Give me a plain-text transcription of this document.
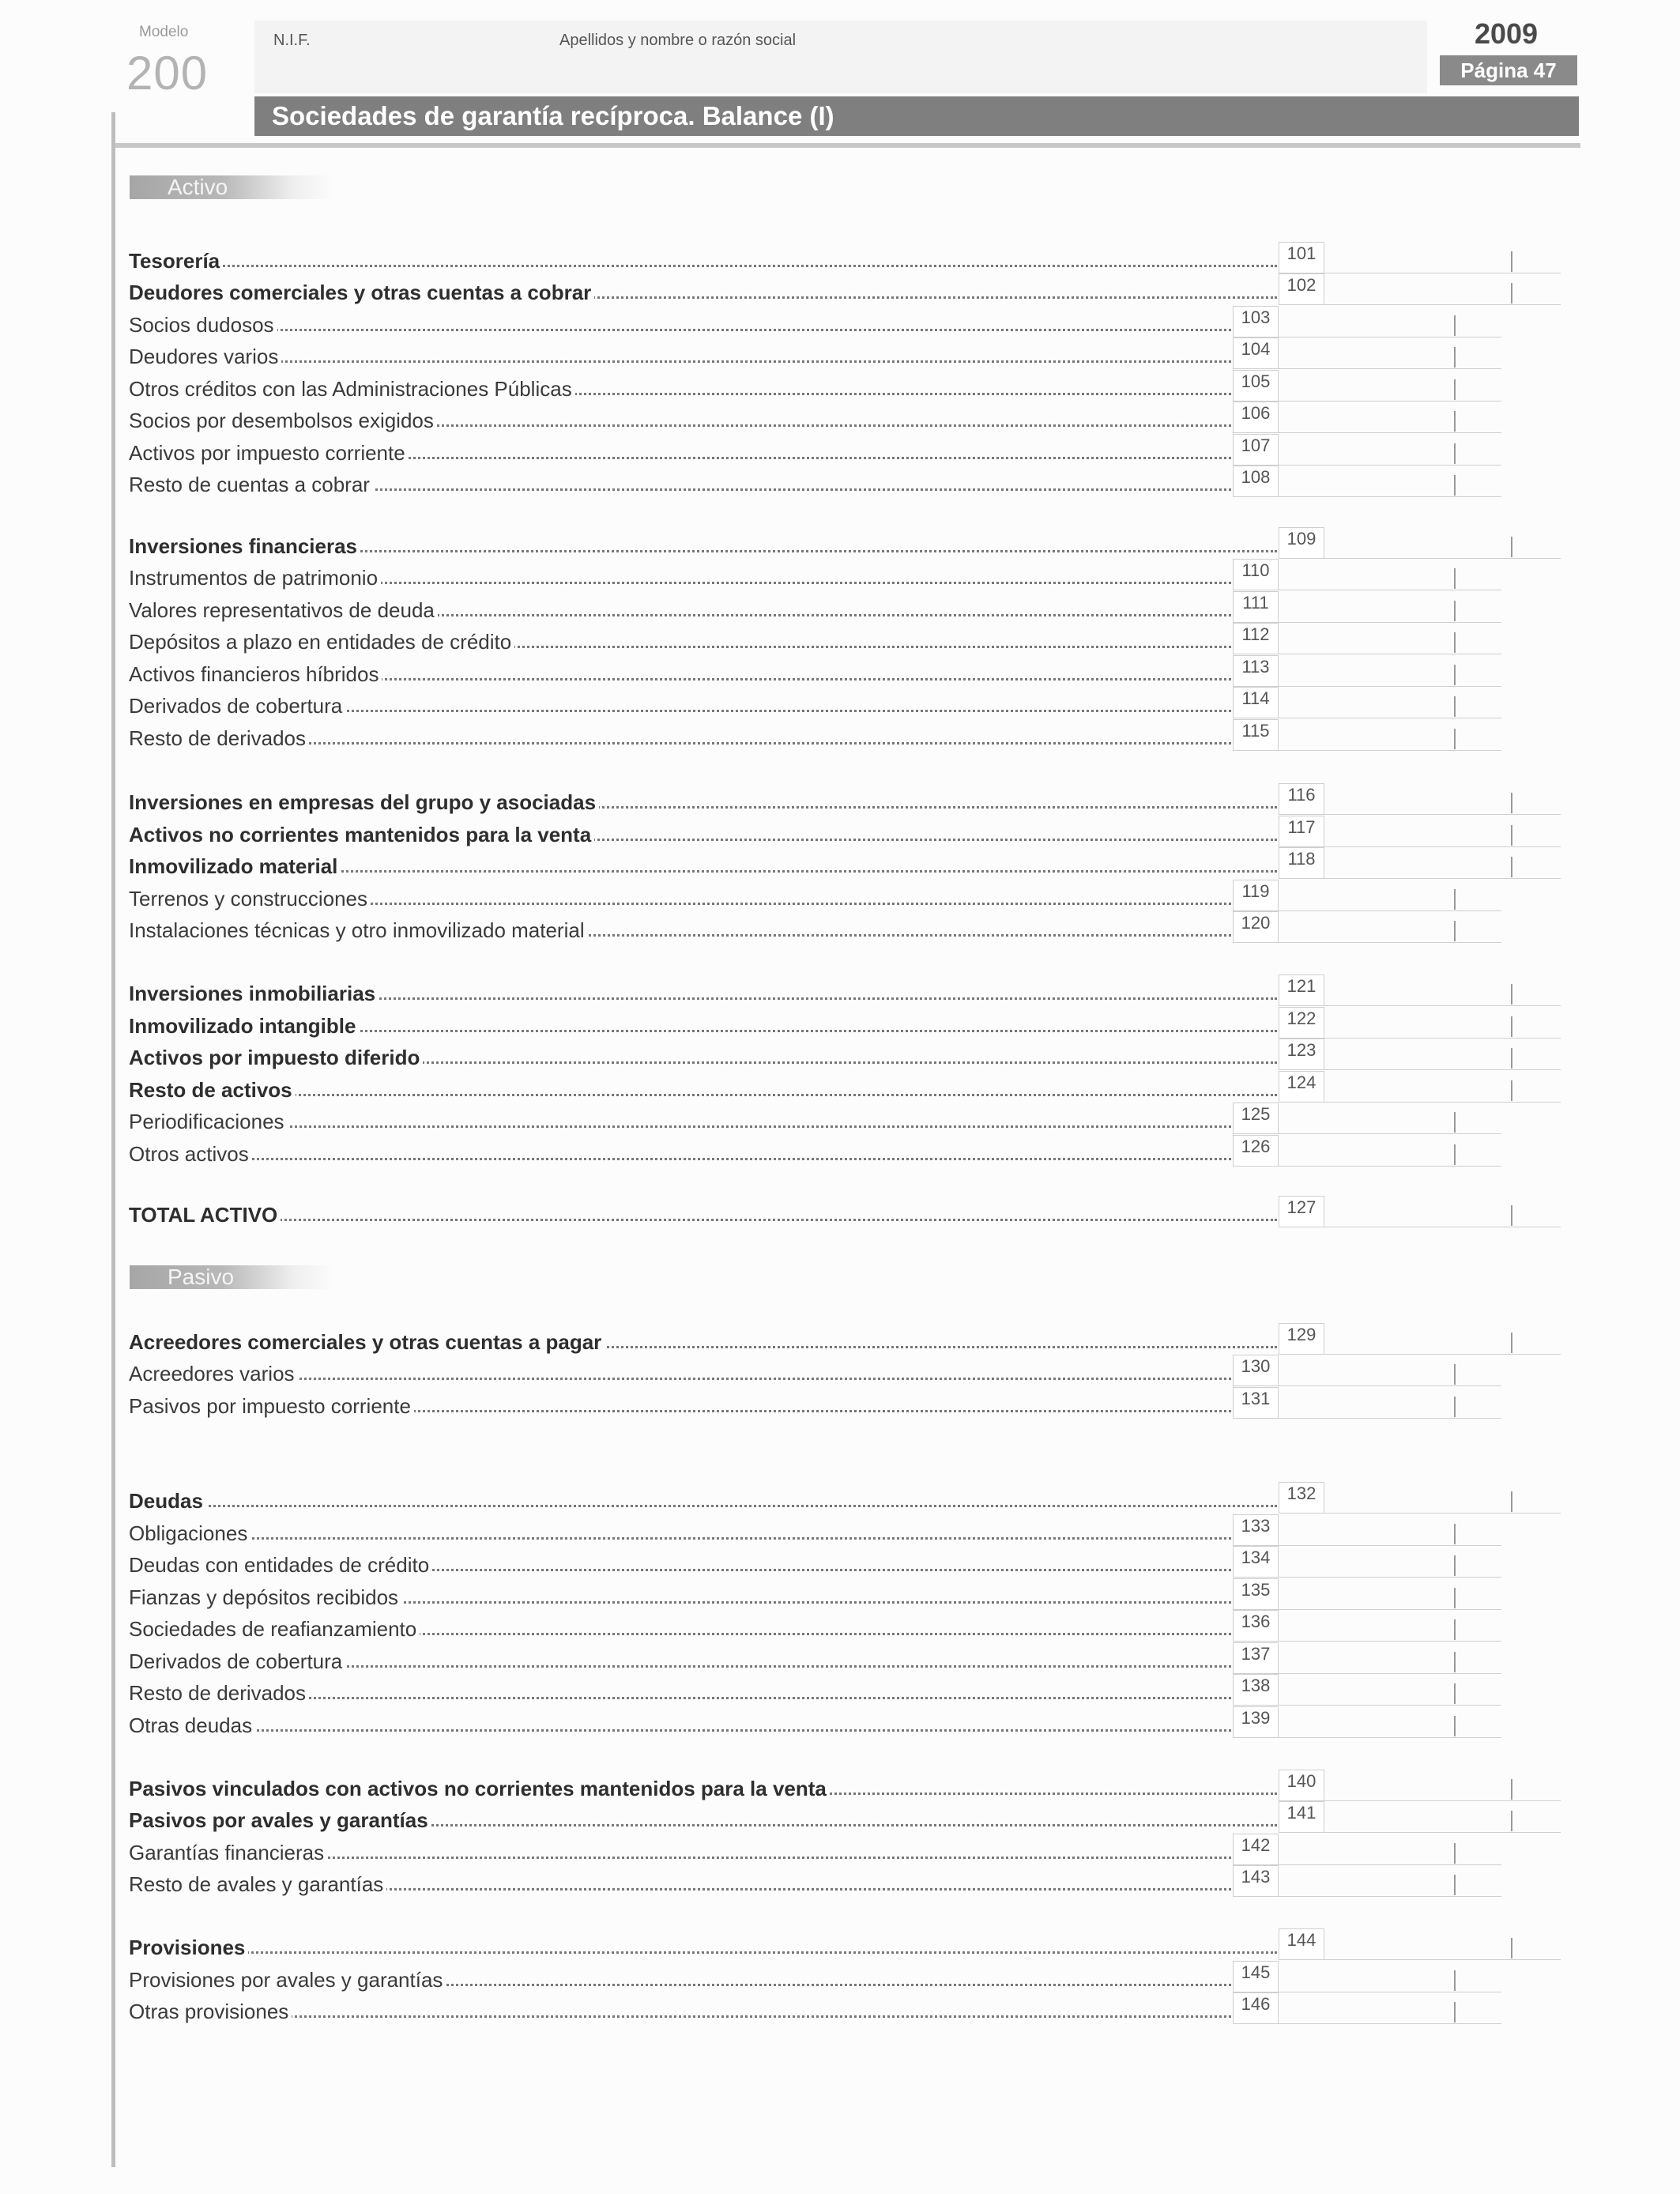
Modelo
200
N.I.F.	Apellidos y nombre o razón social	2009
Página 47
Sociedades de garantía recíproca. Balance (I)
Activo
Pasivo
Tesorería	101
Deudores comerciales y otras cuentas a cobrar	102
Socios dudosos	103
Deudores varios	104
Otros créditos con las Administraciones Públicas	105
Socios por desembolsos exigidos	106
Activos por impuesto corriente	107
Resto de cuentas a cobrar	108
Inversiones financieras	109
Instrumentos de patrimonio	110
Valores representativos de deuda	111
Depósitos a plazo en entidades de crédito	112
Activos financieros híbridos	113
Derivados de cobertura	114
Resto de derivados	115
Inversiones en empresas del grupo y asociadas	116
Activos no corrientes mantenidos para la venta	117
Inmovilizado material	118
Terrenos y construcciones	119
Instalaciones técnicas y otro inmovilizado material	120
Inversiones inmobiliarias	121
Inmovilizado intangible	122
Activos por impuesto diferido	123
Resto de activos	124
Periodificaciones	125
Otros activos	126
TOTAL ACTIVO	127
Acreedores comerciales y otras cuentas a pagar	129
Acreedores varios	130
Pasivos por impuesto corriente	131
Deudas	132
Obligaciones	133
Deudas con entidades de crédito	134
Fianzas y depósitos recibidos	135
Sociedades de reafianzamiento	136
Derivados de cobertura	137
Resto de derivados	138
Otras deudas	139
Pasivos vinculados con activos no corrientes mantenidos para la venta	140
Pasivos por avales y garantías	141
Garantías financieras	142
Resto de avales y garantías	143
Provisiones	144
Provisiones por avales y garantías	145
Otras provisiones	146
